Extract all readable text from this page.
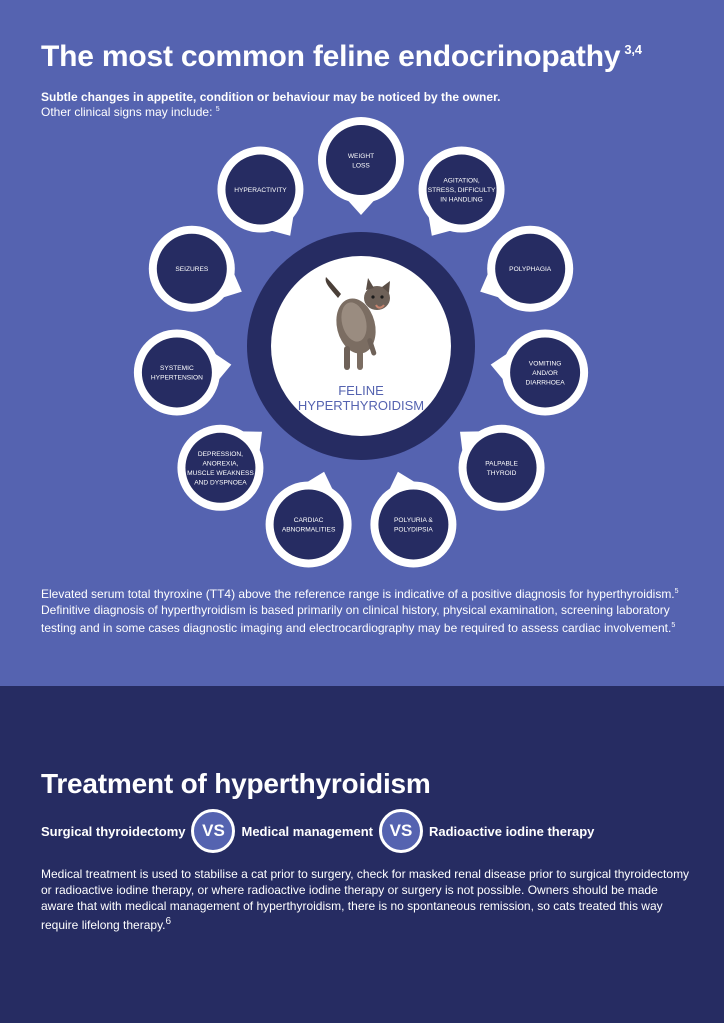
The most common feline endocrinopathy $^{3,4}$

Subtle changes in appetite, condition or behaviour may be noticed by the owner.

Other clinical signs may include: $^5$

FELINE
HYPERTHYROIDISM
WEIGHT
LOSS
AGITATION,
STRESS, DIFFICULTY
IN HANDLING
POLYPHAGIA
VOMITING
AND/OR
DIARRHOEA
PALPABLE
THYROID
POLYURIA &
POLYDIPSIA
CARDIAC
ABNORMALITIES
DEPRESSION,
ANOREXIA,
MUSCLE WEAKNESS
AND DYSPNOEA
SYSTEMIC
HYPERTENSION
SEIZURES
HYPERACTIVITY

Elevated serum total thyroxine (TT4) above the reference range is indicative of a positive diagnosis for hyperthyroidism.$^5$ Definitive diagnosis of hyperthyroidism is based primarily on clinical history, physical examination, screening laboratory testing and in some cases diagnostic imaging and electrocardiography may be required to assess cardiac involvement.$^5$

Treatment of hyperthyroidism
Surgical thyroidectomy VS	Medical management VS	Radioactive iodine therapy

Medical treatment is used to stabilise a cat prior to surgery, check for masked renal disease prior to surgical thyroidectomy or radioactive iodine therapy, or where radioactive iodine therapy or surgery is not possible. Owners should be made aware that with medical management of hyperthyroidism, there is no spontaneous remission, so cats treated this way require lifelong therapy.$^6$
